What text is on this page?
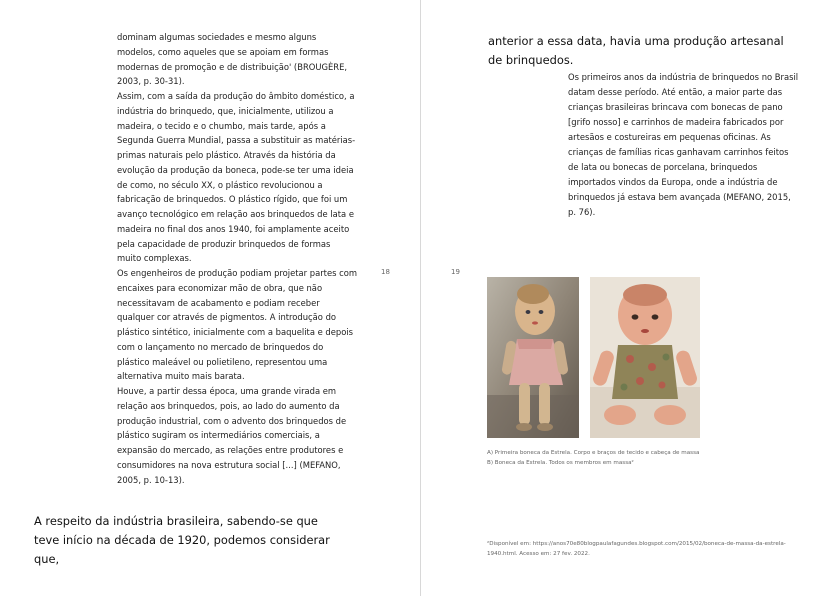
dominam algumas sociedades e mesmo alguns modelos, como aqueles que se apoiam em formas modernas de promoção e de distribuição' (BROUGÈRE, 2003, p. 30-31).

Assim, com a saída da produção do âmbito doméstico, a indústria do brinquedo, que, inicialmente, utilizou a madeira, o tecido e o chumbo, mais tarde, após a Segunda Guerra Mundial, passa a substituir as matérias-primas naturais pelo plástico. Através da história da evolução da produção da boneca, pode-se ter uma ideia de como, no século XX, o plástico revolucionou a fabricação de brinquedos. O plástico rígido, que foi um avanço tecnológico em relação aos brinquedos de lata e madeira no final dos anos 1940, foi amplamente aceito pela capacidade de produzir brinquedos de formas muito complexas.

Os engenheiros de produção podiam projetar partes com encaixes para economizar mão de obra, que não necessitavam de acabamento e podiam receber qualquer cor através de pigmentos. A introdução do plástico sintético, inicialmente com a baquelita e depois com o lançamento no mercado de brinquedos do plástico maleável ou polietileno, representou uma alternativa muito mais barata.

Houve, a partir dessa época, uma grande virada em relação aos brinquedos, pois, ao lado do aumento da produção industrial, com o advento dos brinquedos de plástico sugiram os intermediários comerciais, a expansão do mercado, as relações entre produtores e consumidores na nova estrutura social [...] (MEFANO, 2005, p. 10-13).

A respeito da indústria brasileira, sabendo-se que teve início na década de 1920, podemos considerar que,

18	19

anterior a essa data, havia uma produção artesanal de brinquedos.

Os primeiros anos da indústria de brinquedos no Brasil datam desse período. Até então, a maior parte das crianças brasileiras brincava com bonecas de pano [grifo nosso] e carrinhos de madeira fabricados por artesãos e costureiras em pequenas oficinas. As crianças de famílias ricas ganhavam carrinhos feitos de lata ou bonecas de porcelana, brinquedos importados vindos da Europa, onde a indústria de brinquedos já estava bem avançada (MEFANO, 2015, p. 76).

A) Primeira boneca da Estrela. Corpo e braços de tecido e cabeça de massa
B) Boneca da Estrela. Todos os membros em massa²

²Disponível em: https://anos70e80blogpaulafagundes.blogspot.com/2015/02/boneca-de-massa-da-estrela-1940.html. Acesso em: 27 fev. 2022.
